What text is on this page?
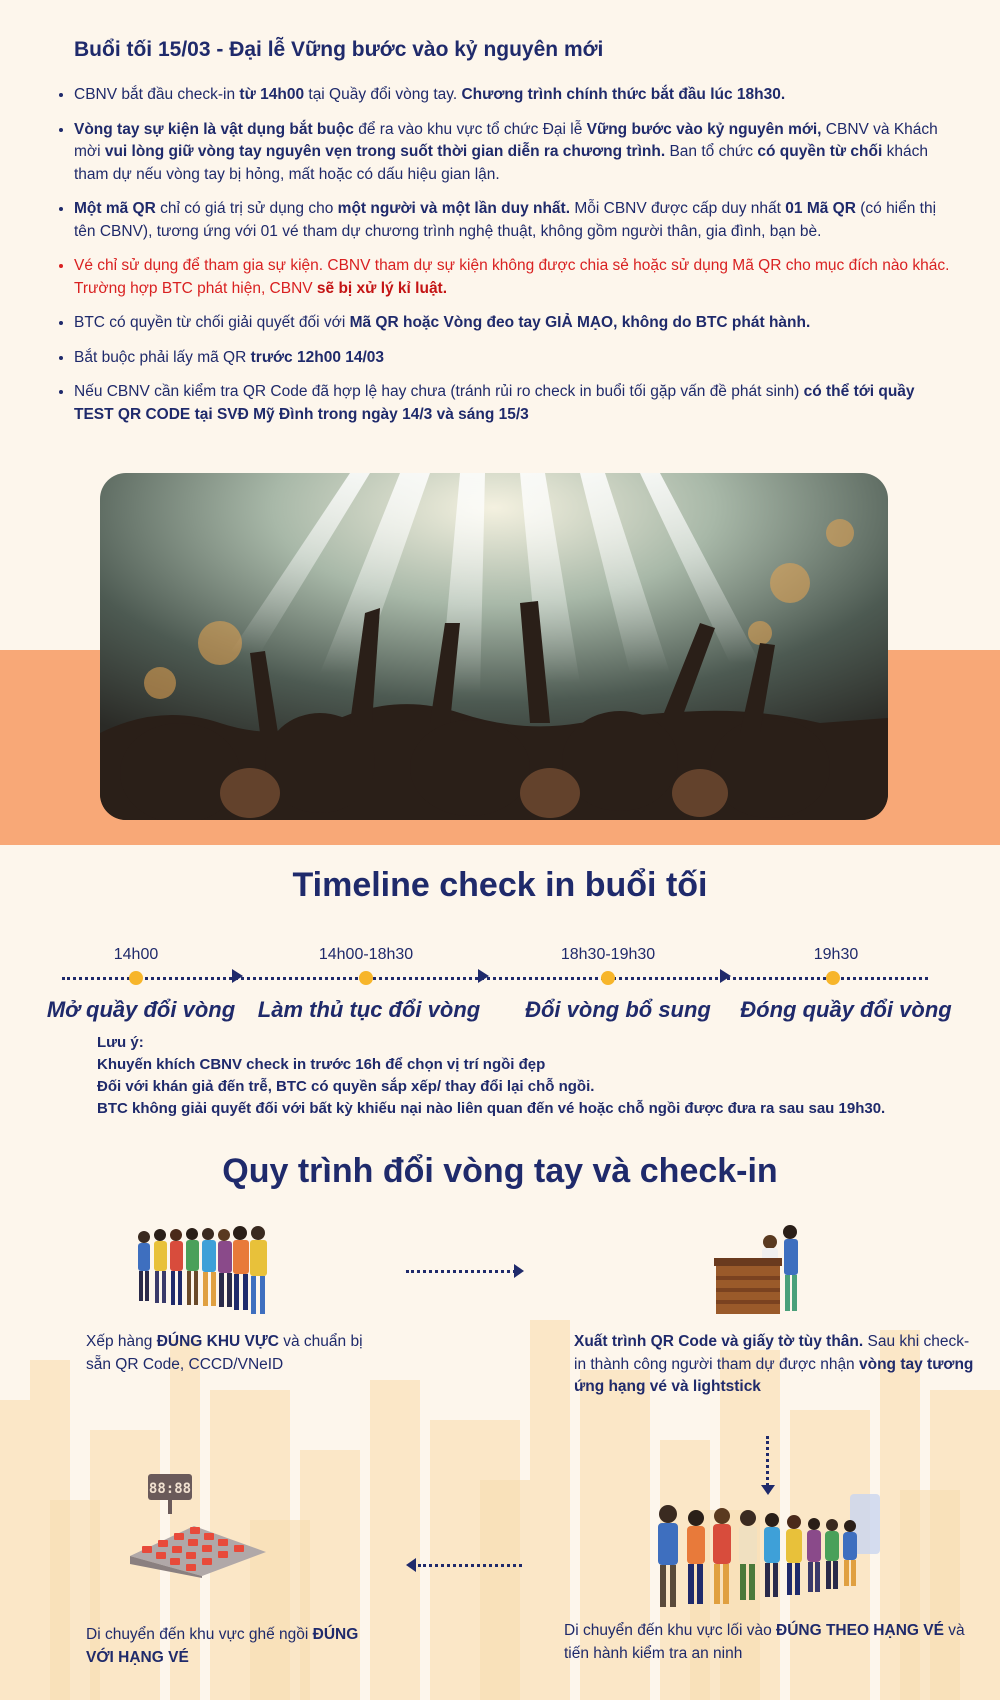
Buổi tối 15/03 - Đại lễ Vững bước vào kỷ nguyên mới
• CBNV bắt đầu check-in từ 14h00 tại Quầy đổi vòng tay. Chương trình chính thức bắt đầu lúc 18h30.
• Vòng tay sự kiện là vật dụng bắt buộc để ra vào khu vực tổ chức Đại lễ Vững bước vào kỷ nguyên mới, CBNV và Khách mời vui lòng giữ vòng tay nguyên vẹn trong suốt thời gian diễn ra chương trình. Ban tổ chức có quyền từ chối khách tham dự nếu vòng tay bị hỏng, mất hoặc có dấu hiệu gian lận.
• Một mã QR chỉ có giá trị sử dụng cho một người và một lần duy nhất. Mỗi CBNV được cấp duy nhất 01 Mã QR (có hiển thị tên CBNV), tương ứng với 01 vé tham dự chương trình nghệ thuật, không gồm người thân, gia đình, bạn bè.
• Vé chỉ sử dụng để tham gia sự kiện. CBNV tham dự sự kiện không được chia sẻ hoặc sử dụng Mã QR cho mục đích nào khác. Trường hợp BTC phát hiện, CBNV sẽ bị xử lý kỉ luật.
• BTC có quyền từ chối giải quyết đối với Mã QR hoặc Vòng đeo tay GIẢ MẠO, không do BTC phát hành.
• Bắt buộc phải lấy mã QR trước 12h00 14/03
• Nếu CBNV cần kiểm tra QR Code đã hợp lệ hay chưa (tránh rủi ro check in buổi tối gặp vấn đề phát sinh) có thể tới quầy TEST QR CODE tại SVĐ Mỹ Đình trong ngày 14/3 và sáng 15/3
Timeline check in buổi tối
14h00	14h00-18h30	18h30-19h30	19h30
Mở quầy đổi vòng	Làm thủ tục đổi vòng	Đổi vòng bổ sung	Đóng quầy đổi vòng
Lưu ý:
Khuyến khích CBNV check in trước 16h để chọn vị trí ngồi đẹp
Đối với khán giả đến trễ, BTC có quyền sắp xếp/ thay đổi lại chỗ ngồi.
BTC không giải quyết đối với bất kỳ khiếu nại nào liên quan đến vé hoặc chỗ ngồi được đưa ra sau sau 19h30.
Quy trình đổi vòng tay và check-in
Xếp hàng ĐÚNG KHU VỰC và chuẩn bị sẵn QR Code, CCCD/VNeID
Xuất trình QR Code và giấy tờ tùy thân. Sau khi check-in thành công người tham dự được nhận vòng tay tương ứng hạng vé và lightstick
88:88
Di chuyển đến khu vực lối vào ĐÚNG THEO HẠNG VÉ và tiến hành kiểm tra an ninh
Di chuyển đến khu vực ghế ngồi ĐÚNG VỚI HẠNG VÉ
